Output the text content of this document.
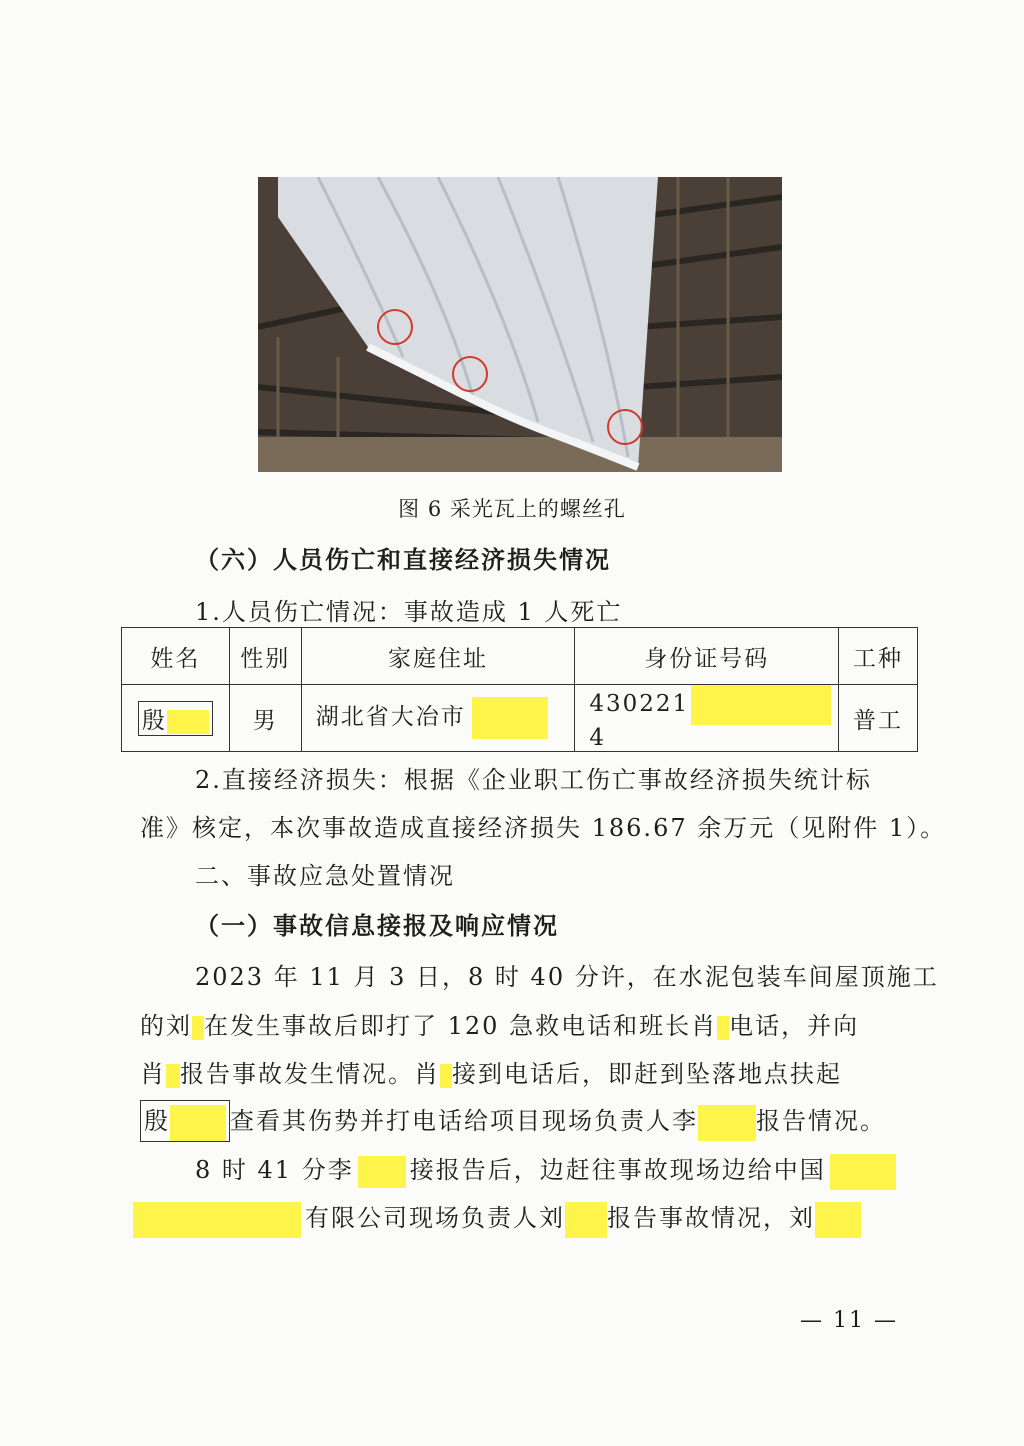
图 6 采光瓦上的螺丝孔
（六）人员伤亡和直接经济损失情况
1.人员伤亡情况：事故造成 1 人死亡
姓名	性别	家庭住址	身份证号码	工种
殷	男	湖北省大冶市	4302214	普工
2.直接经济损失：根据《企业职工伤亡事故经济损失统计标
准》核定，本次事故造成直接经济损失 186.67 余万元（见附件 1）。
二、事故应急处置情况
（一）事故信息接报及响应情况
2023 年 11 月 3 日，8 时 40 分许，在水泥包装车间屋顶施工
的刘 在发生事故后即打了 120 急救电话和班长肖 电话，并向
肖 报告事故发生情况。肖 接到电话后，即赶到坠落地点扶起
殷	查看其伤势并打电话给项目现场负责人李 报告情况。
8 时 41 分李 接报告后，边赶往事故现场边给中国
有限公司现场负责人刘 报告事故情况，刘
— 11 —
